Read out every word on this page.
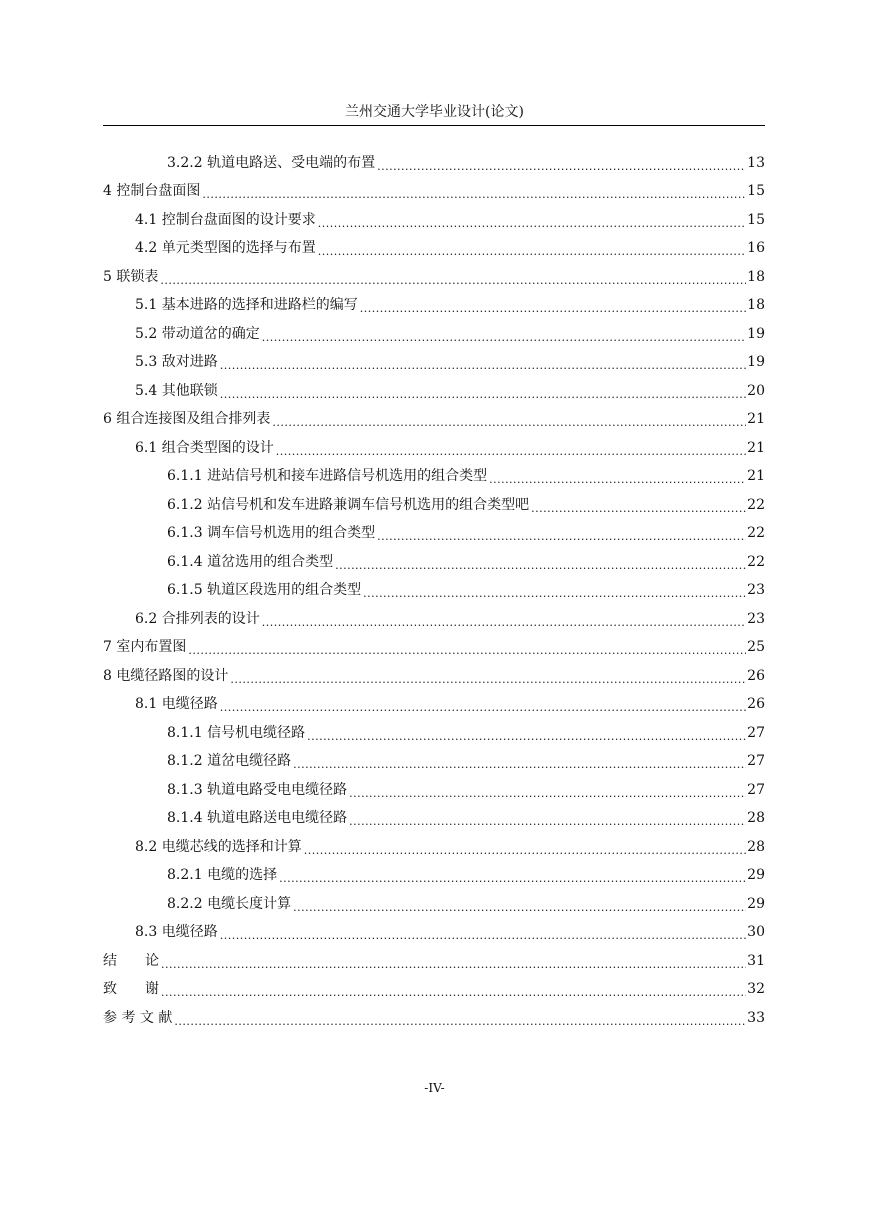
兰州交通大学毕业设计(论文)
3.2.2 轨道电路送、受电端的布置 .....	13
4 控制台盘面图 .....	15
4.1 控制台盘面图的设计要求 .....	15
4.2 单元类型图的选择与布置 .....	16
5 联锁表 .....	18
5.1 基本进路的选择和进路栏的编写 .....	18
5.2 带动道岔的确定 .....	19
5.3 敌对进路 .....	19
5.4 其他联锁 .....	20
6 组合连接图及组合排列表 .....	21
6.1 组合类型图的设计 .....	21
6.1.1 进站信号机和接车进路信号机选用的组合类型 .....	21
6.1.2 站信号机和发车进路兼调车信号机选用的组合类型吧 .....	22
6.1.3 调车信号机选用的组合类型 .....	22
6.1.4 道岔选用的组合类型 .....	22
6.1.5 轨道区段选用的组合类型 .....	23
6.2 合排列表的设计 .....	23
7 室内布置图 .....	25
8 电缆径路图的设计 .....	26
8.1 电缆径路 .....	26
8.1.1 信号机电缆径路 .....	27
8.1.2 道岔电缆径路 .....	27
8.1.3 轨道电路受电电缆径路 .....	27
8.1.4 轨道电路送电电缆径路 .....	28
8.2 电缆芯线的选择和计算 .....	28
8.2.1 电缆的选择 .....	29
8.2.2 电缆长度计算 .....	29
8.3 电缆径路 .....	30
结　　论 .....	31
致　　谢 .....	32
参 考 文 献 .....	33
-IV-
